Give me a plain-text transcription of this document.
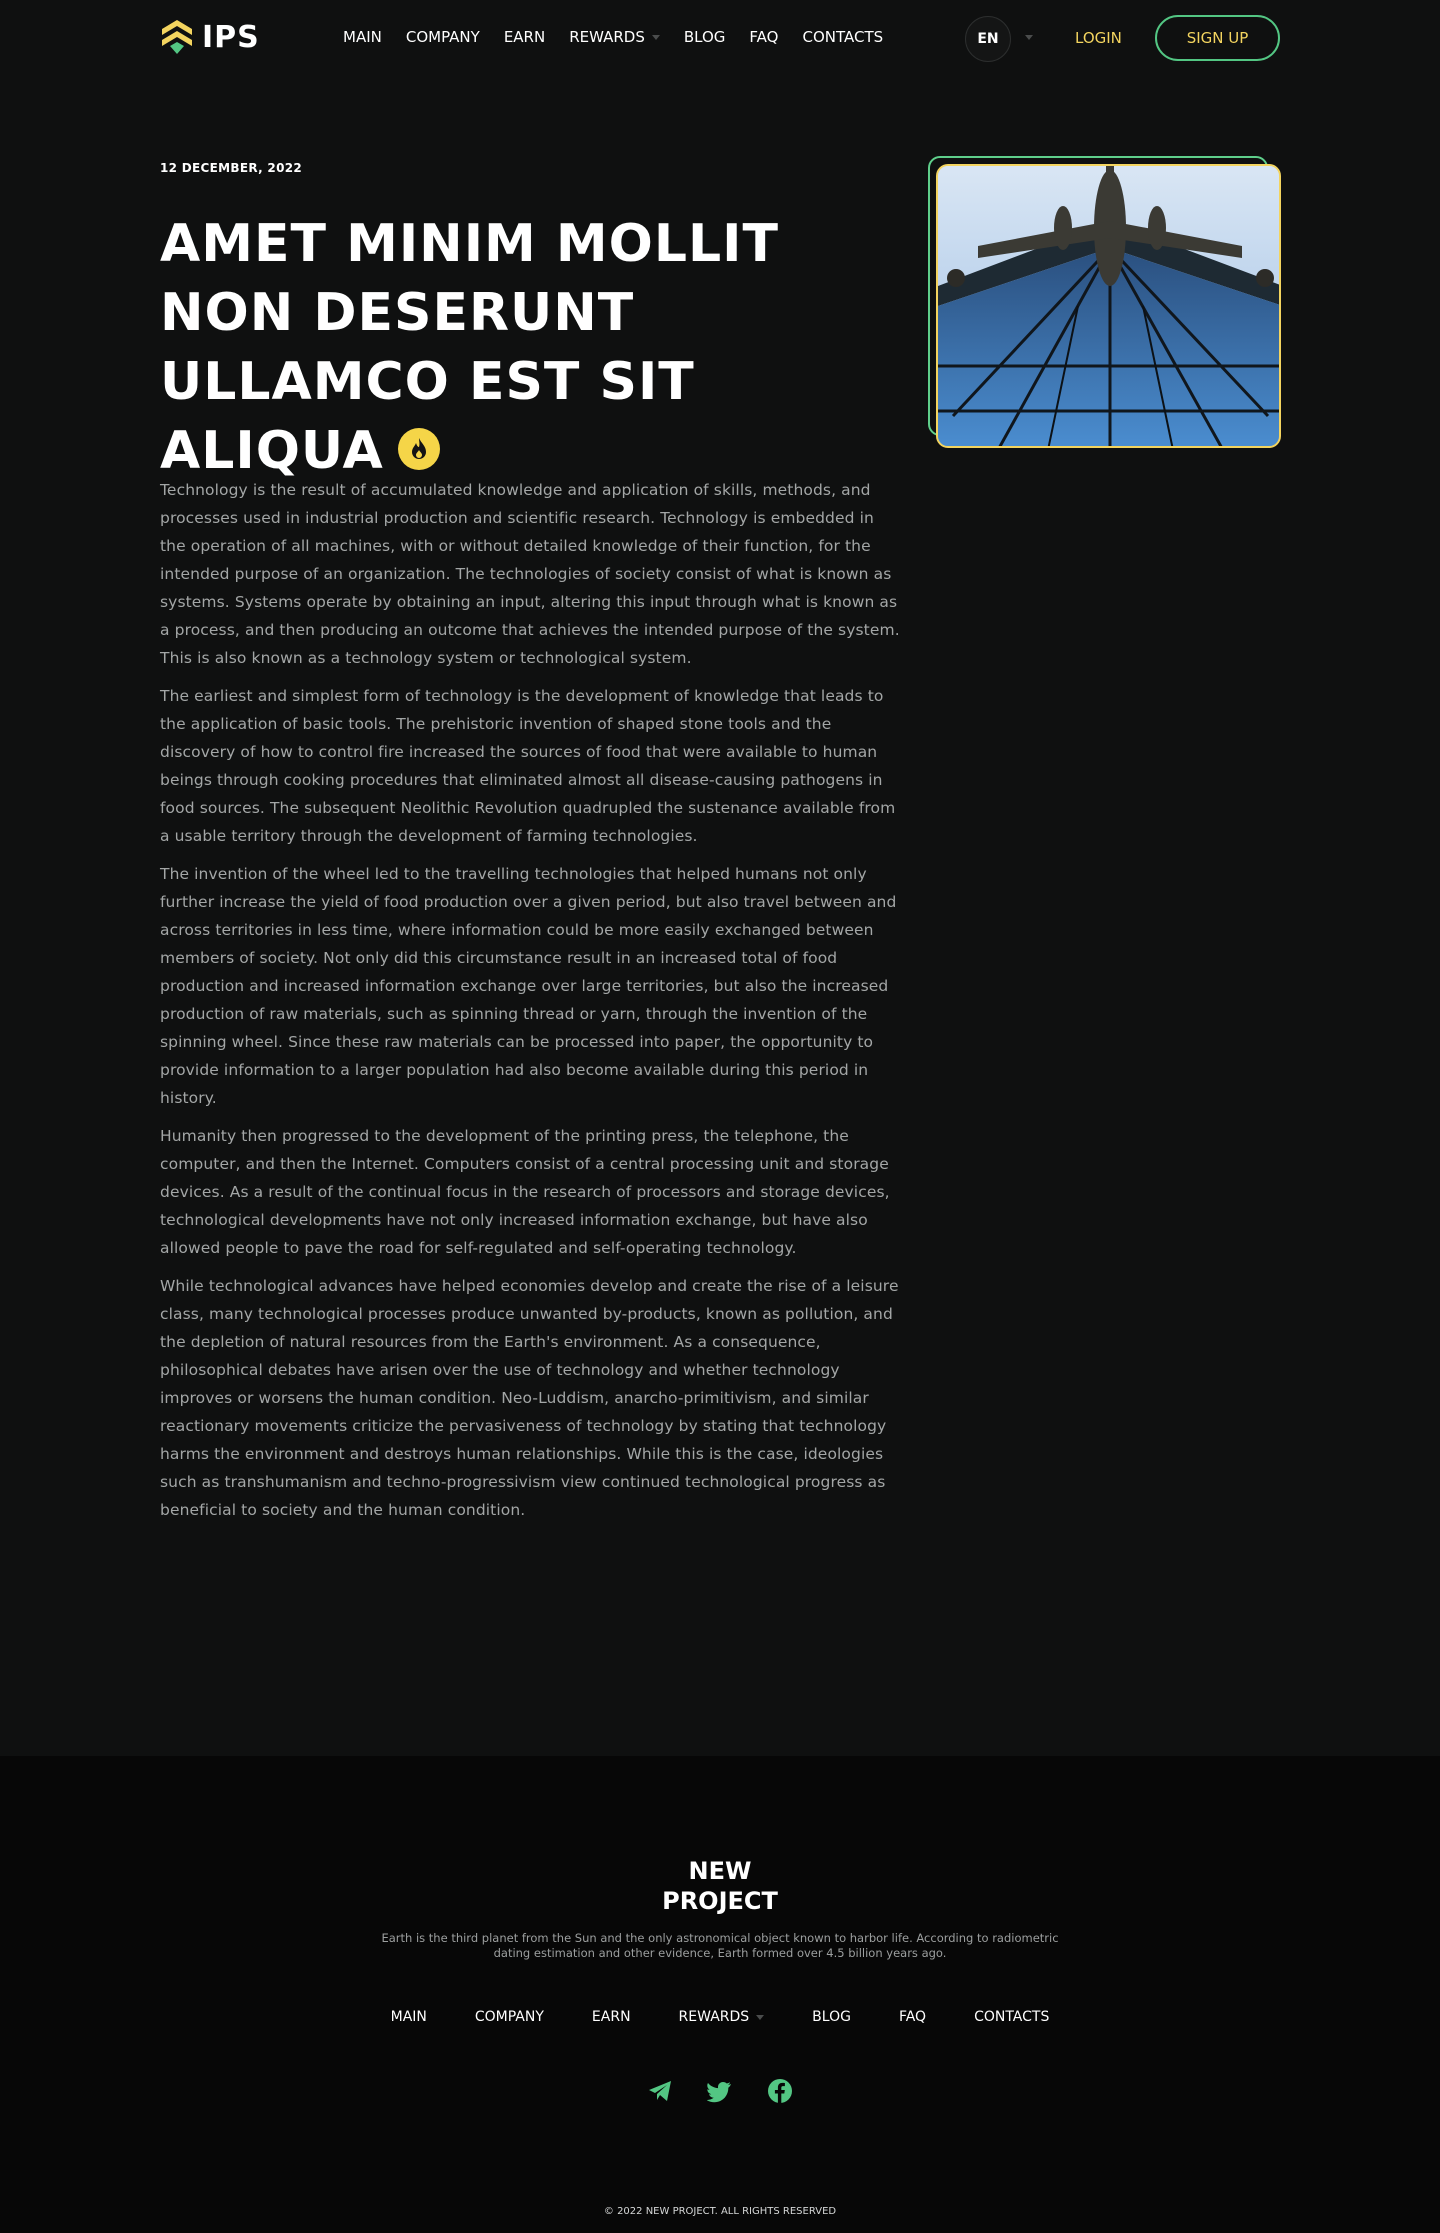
IPS	MAIN COMPANY EARN REWARDS	BLOG FAQ CONTACTS	EN	LOGIN	SIGN UP
12 DECEMBER, 2022
AMET MINIM MOLLIT NON DESERUNT ULLAMCO EST SIT ALIQUA

Technology is the result of accumulated knowledge and application of skills, methods, and processes used in industrial production and scientific research. Technology is embedded in the operation of all machines, with or without detailed knowledge of their function, for the intended purpose of an organization. The technologies of society consist of what is known as systems. Systems operate by obtaining an input, altering this input through what is known as a process, and then producing an outcome that achieves the intended purpose of the system. This is also known as a technology system or technological system.

The earliest and simplest form of technology is the development of knowledge that leads to the application of basic tools. The prehistoric invention of shaped stone tools and the discovery of how to control fire increased the sources of food that were available to human beings through cooking procedures that eliminated almost all disease-causing pathogens in food sources. The subsequent Neolithic Revolution quadrupled the sustenance available from a usable territory through the development of farming technologies.

The invention of the wheel led to the travelling technologies that helped humans not only further increase the yield of food production over a given period, but also travel between and across territories in less time, where information could be more easily exchanged between members of society. Not only did this circumstance result in an increased total of food production and increased information exchange over large territories, but also the increased production of raw materials, such as spinning thread or yarn, through the invention of the spinning wheel. Since these raw materials can be processed into paper, the opportunity to provide information to a larger population had also become available during this period in history.

Humanity then progressed to the development of the printing press, the telephone, the computer, and then the Internet. Computers consist of a central processing unit and storage devices. As a result of the continual focus in the research of processors and storage devices, technological developments have not only increased information exchange, but have also allowed people to pave the road for self-regulated and self-operating technology.

While technological advances have helped economies develop and create the rise of a leisure class, many technological processes produce unwanted by-products, known as pollution, and the depletion of natural resources from the Earth's environment. As a consequence, philosophical debates have arisen over the use of technology and whether technology improves or worsens the human condition. Neo-Luddism, anarcho-primitivism, and similar reactionary movements criticize the pervasiveness of technology by stating that technology harms the environment and destroys human relationships. While this is the case, ideologies such as transhumanism and techno-progressivism view continued technological progress as beneficial to society and the human condition.

NEW
PROJECT
Earth is the third planet from the Sun and the only astronomical object known to harbor life. According to radiometric dating estimation and other evidence, Earth formed over 4.5 billion years ago.
MAIN	COMPANY	EARN	REWARDS	BLOG	FAQ	CONTACTS
© 2022 NEW PROJECT. ALL RIGHTS RESERVED
